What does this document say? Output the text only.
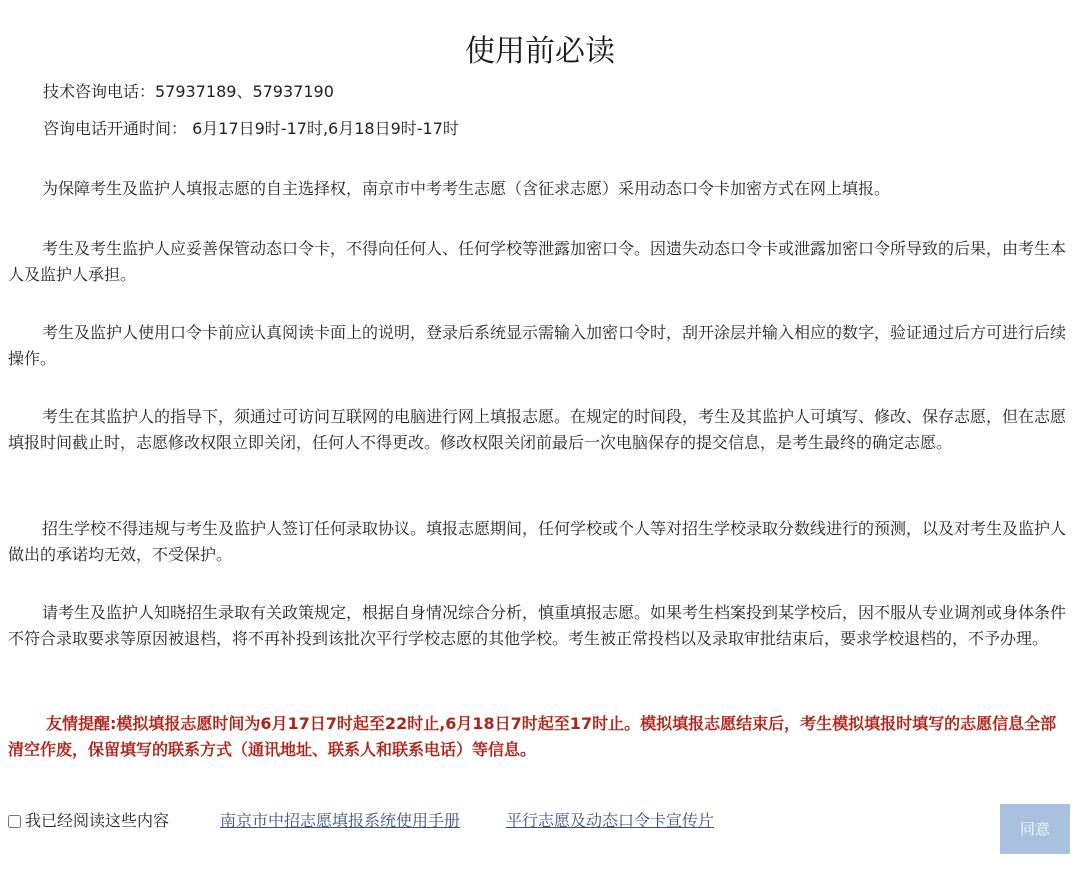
使用前必读
技术咨询电话：57937189、57937190
咨询电话开通时间： 6月17日9时-17时,6月18日9时-17时

为保障考生及监护人填报志愿的自主选择权，南京市中考考生志愿（含征求志愿）采用动态口令卡加密方式在网上填报。

考生及考生监护人应妥善保管动态口令卡，不得向任何人、任何学校等泄露加密口令。因遗失动态口令卡或泄露加密口令所导致的后果，由考生本人及监护人承担。

考生及监护人使用口令卡前应认真阅读卡面上的说明，登录后系统显示需输入加密口令时，刮开涂层并输入相应的数字，验证通过后方可进行后续操作。

考生在其监护人的指导下，须通过可访问互联网的电脑进行网上填报志愿。在规定的时间段，考生及其监护人可填写、修改、保存志愿，但在志愿填报时间截止时，志愿修改权限立即关闭，任何人不得更改。修改权限关闭前最后一次电脑保存的提交信息，是考生最终的确定志愿。

招生学校不得违规与考生及监护人签订任何录取协议。填报志愿期间，任何学校或个人等对招生学校录取分数线进行的预测，以及对考生及监护人做出的承诺均无效，不受保护。

请考生及监护人知晓招生录取有关政策规定，根据自身情况综合分析，慎重填报志愿。如果考生档案投到某学校后，因不服从专业调剂或身体条件不符合录取要求等原因被退档，将不再补投到该批次平行学校志愿的其他学校。考生被正常投档以及录取审批结束后，要求学校退档的，不予办理。

友情提醒:模拟填报志愿时间为6月17日7时起至22时止,6月18日7时起至17时止。模拟填报志愿结束后，考生模拟填报时填写的志愿信息全部清空作废，保留填写的联系方式（通讯地址、联系人和联系电话）等信息。

我已经阅读这些内容	南京市中招志愿填报系统使用手册	平行志愿及动态口令卡宣传片	同意
